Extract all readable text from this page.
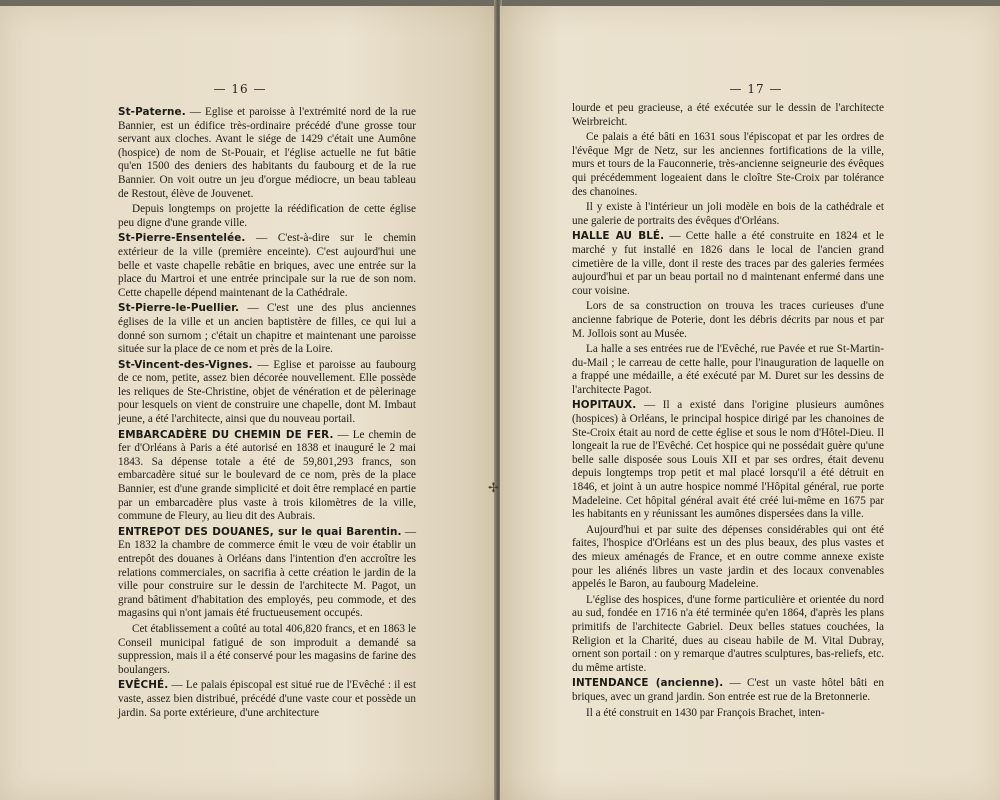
— 16 —

St-Paterne. — Eglise et paroisse à l'extrémité nord de la rue Bannier, est un édifice très-ordinaire précédé d'une grosse tour servant aux cloches. Avant le siége de 1429 c'était une Aumône (hospice) de nom de St-Pouair, et l'église actuelle ne fut bâtie qu'en 1500 des deniers des habitants du faubourg et de la rue Bannier. On voit outre un jeu d'orgue médiocre, un beau tableau de Restout, élève de Jouvenet.

Depuis longtemps on projette la réédification de cette église peu digne d'une grande ville.

St-Pierre-Ensentelée. — C'est-à-dire sur le chemin extérieur de la ville (première enceinte). C'est aujourd'hui une belle et vaste chapelle rebâtie en briques, avec une entrée sur la place du Martroi et une entrée principale sur la rue de son nom. Cette chapelle dépend maintenant de la Cathédrale.

St-Pierre-le-Puellier. — C'est une des plus anciennes églises de la ville et un ancien baptistère de filles, ce qui lui a donné son surnom ; c'était un chapitre et maintenant une paroisse située sur la place de ce nom et près de la Loire.

St-Vincent-des-Vignes. — Eglise et paroisse au faubourg de ce nom, petite, assez bien décorée nouvellement. Elle possède les reliques de Ste-Christine, objet de vénération et de pèlerinage pour lesquels on vient de construire une chapelle, dont M. Imbaut jeune, a été l'architecte, ainsi que du nouveau portail.

EMBARCADÈRE DU CHEMIN DE FER. — Le chemin de fer d'Orléans à Paris a été autorisé en 1838 et inauguré le 2 mai 1843. Sa dépense totale a été de 59,801,293 francs, son embarcadère situé sur le boulevard de ce nom, près de la place Bannier, est d'une grande simplicité et doit être remplacé en partie par un embarcadère plus vaste à trois kilomètres de la ville, commune de Fleury, au lieu dit des Aubrais.

ENTREPOT DES DOUANES, sur le quai Barentin. — En 1832 la chambre de commerce émit le vœu de voir établir un entrepôt des douanes à Orléans dans l'intention d'en accroître les relations commerciales, on sacrifia à cette création le jardin de la ville pour construire sur le dessin de l'architecte M. Pagot, un grand bâtiment d'habitation des employés, peu commode, et des magasins qui n'ont jamais été fructueusement occupés.

Cet établissement a coûté au total 406,820 francs, et en 1863 le Conseil municipal fatigué de son improduit a demandé sa suppression, mais il a été conservé pour les magasins de farine des boulangers.

EVÊCHÉ. — Le palais épiscopal est situé rue de l'Evêché : il est vaste, assez bien distribué, précédé d'une vaste cour et possède un jardin. Sa porte extérieure, d'une architecture

✢
— 17 —

lourde et peu gracieuse, a été exécutée sur le dessin de l'architecte Weirbreicht.

Ce palais a été bâti en 1631 sous l'épiscopat et par les ordres de l'évêque Mgr de Netz, sur les anciennes fortifications de la ville, murs et tours de la Fauconnerie, très-ancienne seigneurie des évêques qui précédemment logeaient dans le cloître Ste-Croix par tolérance des chanoines.

Il y existe à l'intérieur un joli modèle en bois de la cathédrale et une galerie de portraits des évêques d'Orléans.

HALLE AU BLÉ. — Cette halle a été construite en 1824 et le marché y fut installé en 1826 dans le local de l'ancien grand cimetière de la ville, dont il reste des traces par des galeries fermées aujourd'hui et par un beau portail no d maintenant enfermé dans une cour voisine.

Lors de sa construction on trouva les traces curieuses d'une ancienne fabrique de Poterie, dont les débris décrits par nous et par M. Jollois sont au Musée.

La halle a ses entrées rue de l'Evêché, rue Pavée et rue St-Martin-du-Mail ; le carreau de cette halle, pour l'inauguration de laquelle on a frappé une médaille, a été exécuté par M. Duret sur les dessins de l'architecte Pagot.

HOPITAUX. — Il a existé dans l'origine plusieurs aumônes (hospices) à Orléans, le principal hospice dirigé par les chanoines de Ste-Croix était au nord de cette église et sous le nom d'Hôtel-Dieu. Il longeait la rue de l'Evêché. Cet hospice qui ne possédait guère qu'une belle salle disposée sous Louis XII et par ses ordres, était devenu depuis longtemps trop petit et mal placé lorsqu'il a été détruit en 1846, et joint à un autre hospice nommé l'Hôpital général, rue porte Madeleine. Cet hôpital général avait été créé lui-même en 1675 par les habitants en y réunissant les aumônes dispersées dans la ville.

Aujourd'hui et par suite des dépenses considérables qui ont été faites, l'hospice d'Orléans est un des plus beaux, des plus vastes et des mieux aménagés de France, et en outre comme annexe existe pour les aliénés libres un vaste jardin et des locaux convenables appelés le Baron, au faubourg Madeleine.

L'église des hospices, d'une forme particulière et orientée du nord au sud, fondée en 1716 n'a été terminée qu'en 1864, d'après les plans primitifs de l'architecte Gabriel. Deux belles statues couchées, la Religion et la Charité, dues au ciseau habile de M. Vital Dubray, ornent son portail : on y remarque d'autres sculptures, bas-reliefs, etc. du même artiste.

INTENDANCE (ancienne). — C'est un vaste hôtel bâti en briques, avec un grand jardin. Son entrée est rue de la Bretonnerie.

Il a été construit en 1430 par François Brachet, inten-
